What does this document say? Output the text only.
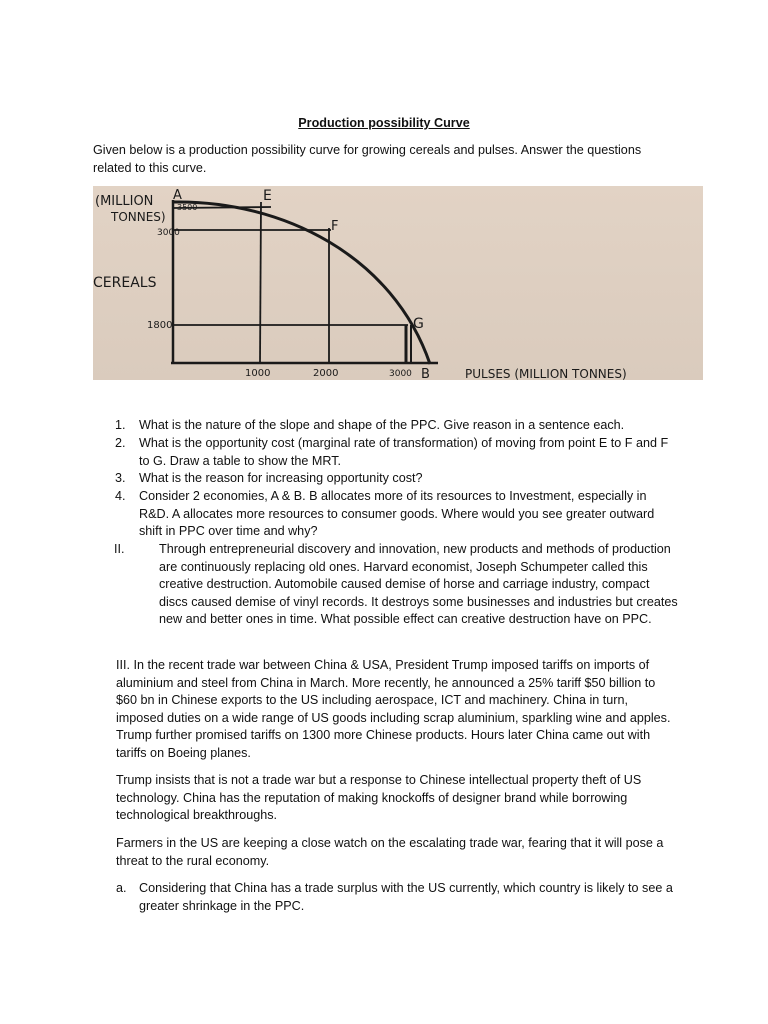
Production possibility Curve
Given below is a production possibility curve for growing cereals and pulses. Answer the questions related to this curve.
(MILLION
TONNES)
CEREALS
A	E
F
G
B
3500
3000
1800
1000	2000	3000	PULSES (MILLION TONNES)
1.	What is the nature of the slope and shape of the PPC. Give reason in a sentence each.
2.	What is the opportunity cost (marginal rate of transformation) of moving from point E to F and F to G. Draw a table to show the MRT.
3.	What is the reason for increasing opportunity cost?
4.	Consider 2 economies, A & B. B allocates more of its resources to Investment, especially in R&D. A allocates more resources to consumer goods. Where would you see greater outward shift in PPC over time and why?
II.	Through entrepreneurial discovery and innovation, new products and methods of production are continuously replacing old ones. Harvard economist, Joseph Schumpeter called this creative destruction. Automobile caused demise of horse and carriage industry, compact discs caused demise of vinyl records. It destroys some businesses and industries but creates new and better ones in time. What possible effect can creative destruction have on PPC.
III. In the recent trade war between China & USA, President Trump imposed tariffs on imports of aluminium and steel from China in March. More recently, he announced a 25% tariff $50 billion to $60 bn in Chinese exports to the US including aerospace, ICT and machinery. China in turn, imposed duties on a wide range of US goods including scrap aluminium, sparkling wine and apples. Trump further promised tariffs on 1300 more Chinese products. Hours later China came out with tariffs on Boeing planes.
Trump insists that is not a trade war but a response to Chinese intellectual property theft of US technology. China has the reputation of making knockoffs of designer brand while borrowing technological breakthroughs.
Farmers in the US are keeping a close watch on the escalating trade war, fearing that it will pose a threat to the rural economy.
a. Considering that China has a trade surplus with the US currently, which country is likely to see a greater shrinkage in the PPC.
